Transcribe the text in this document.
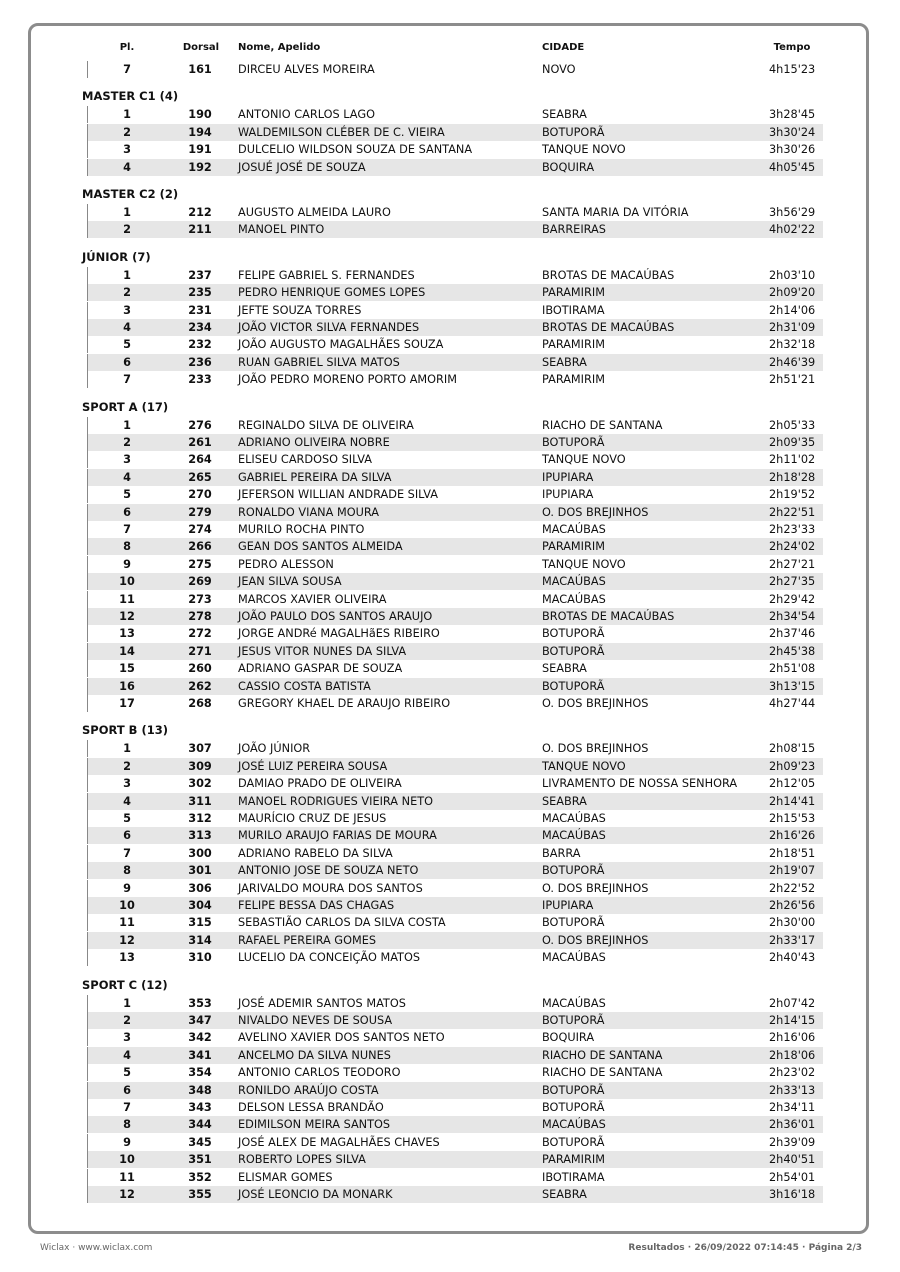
Pl.	Dorsal	Nome, Apelido	CIDADE	Tempo
7	161	DIRCEU ALVES MOREIRA	NOVO	4h15'23
MASTER C1 (4)
1	190	ANTONIO CARLOS LAGO	SEABRA	3h28'45
2	194	WALDEMILSON CLÉBER DE C. VIEIRA	BOTUPORÃ	3h30'24
3	191	DULCELIO WILDSON SOUZA DE SANTANA	TANQUE NOVO	3h30'26
4	192	JOSUÉ JOSÉ DE SOUZA	BOQUIRA	4h05'45
MASTER C2 (2)
1	212	AUGUSTO ALMEIDA LAURO	SANTA MARIA DA VITÓRIA	3h56'29
2	211	MANOEL PINTO	BARREIRAS	4h02'22
JÚNIOR (7)
1	237	FELIPE GABRIEL S. FERNANDES	BROTAS DE MACAÚBAS	2h03'10
2	235	PEDRO HENRIQUE GOMES LOPES	PARAMIRIM	2h09'20
3	231	JEFTE SOUZA TORRES	IBOTIRAMA	2h14'06
4	234	JOÃO VICTOR SILVA FERNANDES	BROTAS DE MACAÚBAS	2h31'09
5	232	JOÃO AUGUSTO MAGALHÃES SOUZA	PARAMIRIM	2h32'18
6	236	RUAN GABRIEL SILVA MATOS	SEABRA	2h46'39
7	233	JOÃO PEDRO MORENO PORTO AMORIM	PARAMIRIM	2h51'21
SPORT A (17)
1	276	REGINALDO SILVA DE OLIVEIRA	RIACHO DE SANTANA	2h05'33
2	261	ADRIANO OLIVEIRA NOBRE	BOTUPORÃ	2h09'35
3	264	ELISEU CARDOSO SILVA	TANQUE NOVO	2h11'02
4	265	GABRIEL PEREIRA DA SILVA	IPUPIARA	2h18'28
5	270	JEFERSON WILLIAN ANDRADE SILVA	IPUPIARA	2h19'52
6	279	RONALDO VIANA MOURA	O. DOS BREJINHOS	2h22'51
7	274	MURILO ROCHA PINTO	MACAÚBAS	2h23'33
8	266	GEAN DOS SANTOS ALMEIDA	PARAMIRIM	2h24'02
9	275	PEDRO ALESSON	TANQUE NOVO	2h27'21
10	269	JEAN SILVA SOUSA	MACAÚBAS	2h27'35
11	273	MARCOS XAVIER OLIVEIRA	MACAÚBAS	2h29'42
12	278	JOÃO PAULO DOS SANTOS ARAUJO	BROTAS DE MACAÚBAS	2h34'54
13	272	JORGE ANDRé MAGALHãES RIBEIRO	BOTUPORÃ	2h37'46
14	271	JESUS VITOR NUNES DA SILVA	BOTUPORÃ	2h45'38
15	260	ADRIANO GASPAR DE SOUZA	SEABRA	2h51'08
16	262	CASSIO COSTA BATISTA	BOTUPORÃ	3h13'15
17	268	GREGORY KHAEL DE ARAUJO RIBEIRO	O. DOS BREJINHOS	4h27'44
SPORT B (13)
1	307	JOÃO JÚNIOR	O. DOS BREJINHOS	2h08'15
2	309	JOSÉ LUIZ PEREIRA SOUSA	TANQUE NOVO	2h09'23
3	302	DAMIAO PRADO DE OLIVEIRA	LIVRAMENTO DE NOSSA SENHORA	2h12'05
4	311	MANOEL RODRIGUES VIEIRA NETO	SEABRA	2h14'41
5	312	MAURÍCIO CRUZ DE JESUS	MACAÚBAS	2h15'53
6	313	MURILO ARAUJO FARIAS DE MOURA	MACAÚBAS	2h16'26
7	300	ADRIANO RABELO DA SILVA	BARRA	2h18'51
8	301	ANTONIO JOSE DE SOUZA NETO	BOTUPORÃ	2h19'07
9	306	JARIVALDO MOURA DOS SANTOS	O. DOS BREJINHOS	2h22'52
10	304	FELIPE BESSA DAS CHAGAS	IPUPIARA	2h26'56
11	315	SEBASTIÃO CARLOS DA SILVA COSTA	BOTUPORÃ	2h30'00
12	314	RAFAEL PEREIRA GOMES	O. DOS BREJINHOS	2h33'17
13	310	LUCELIO DA CONCEIÇÃO MATOS	MACAÚBAS	2h40'43
SPORT C (12)
1	353	JOSÉ ADEMIR SANTOS MATOS	MACAÚBAS	2h07'42
2	347	NIVALDO NEVES DE SOUSA	BOTUPORÃ	2h14'15
3	342	AVELINO XAVIER DOS SANTOS NETO	BOQUIRA	2h16'06
4	341	ANCELMO DA SILVA NUNES	RIACHO DE SANTANA	2h18'06
5	354	ANTONIO CARLOS TEODORO	RIACHO DE SANTANA	2h23'02
6	348	RONILDO ARAÚJO COSTA	BOTUPORÃ	2h33'13
7	343	DELSON LESSA BRANDÃO	BOTUPORÃ	2h34'11
8	344	EDIMILSON MEIRA SANTOS	MACAÚBAS	2h36'01
9	345	JOSÉ ALEX DE MAGALHÃES CHAVES	BOTUPORÃ	2h39'09
10	351	ROBERTO LOPES SILVA	PARAMIRIM	2h40'51
11	352	ELISMAR GOMES	IBOTIRAMA	2h54'01
12	355	JOSÉ LEONCIO DA MONARK	SEABRA	3h16'18
Wiclax · www.wiclax.com	Resultados · 26/09/2022 07:14:45 · Página 2/3
